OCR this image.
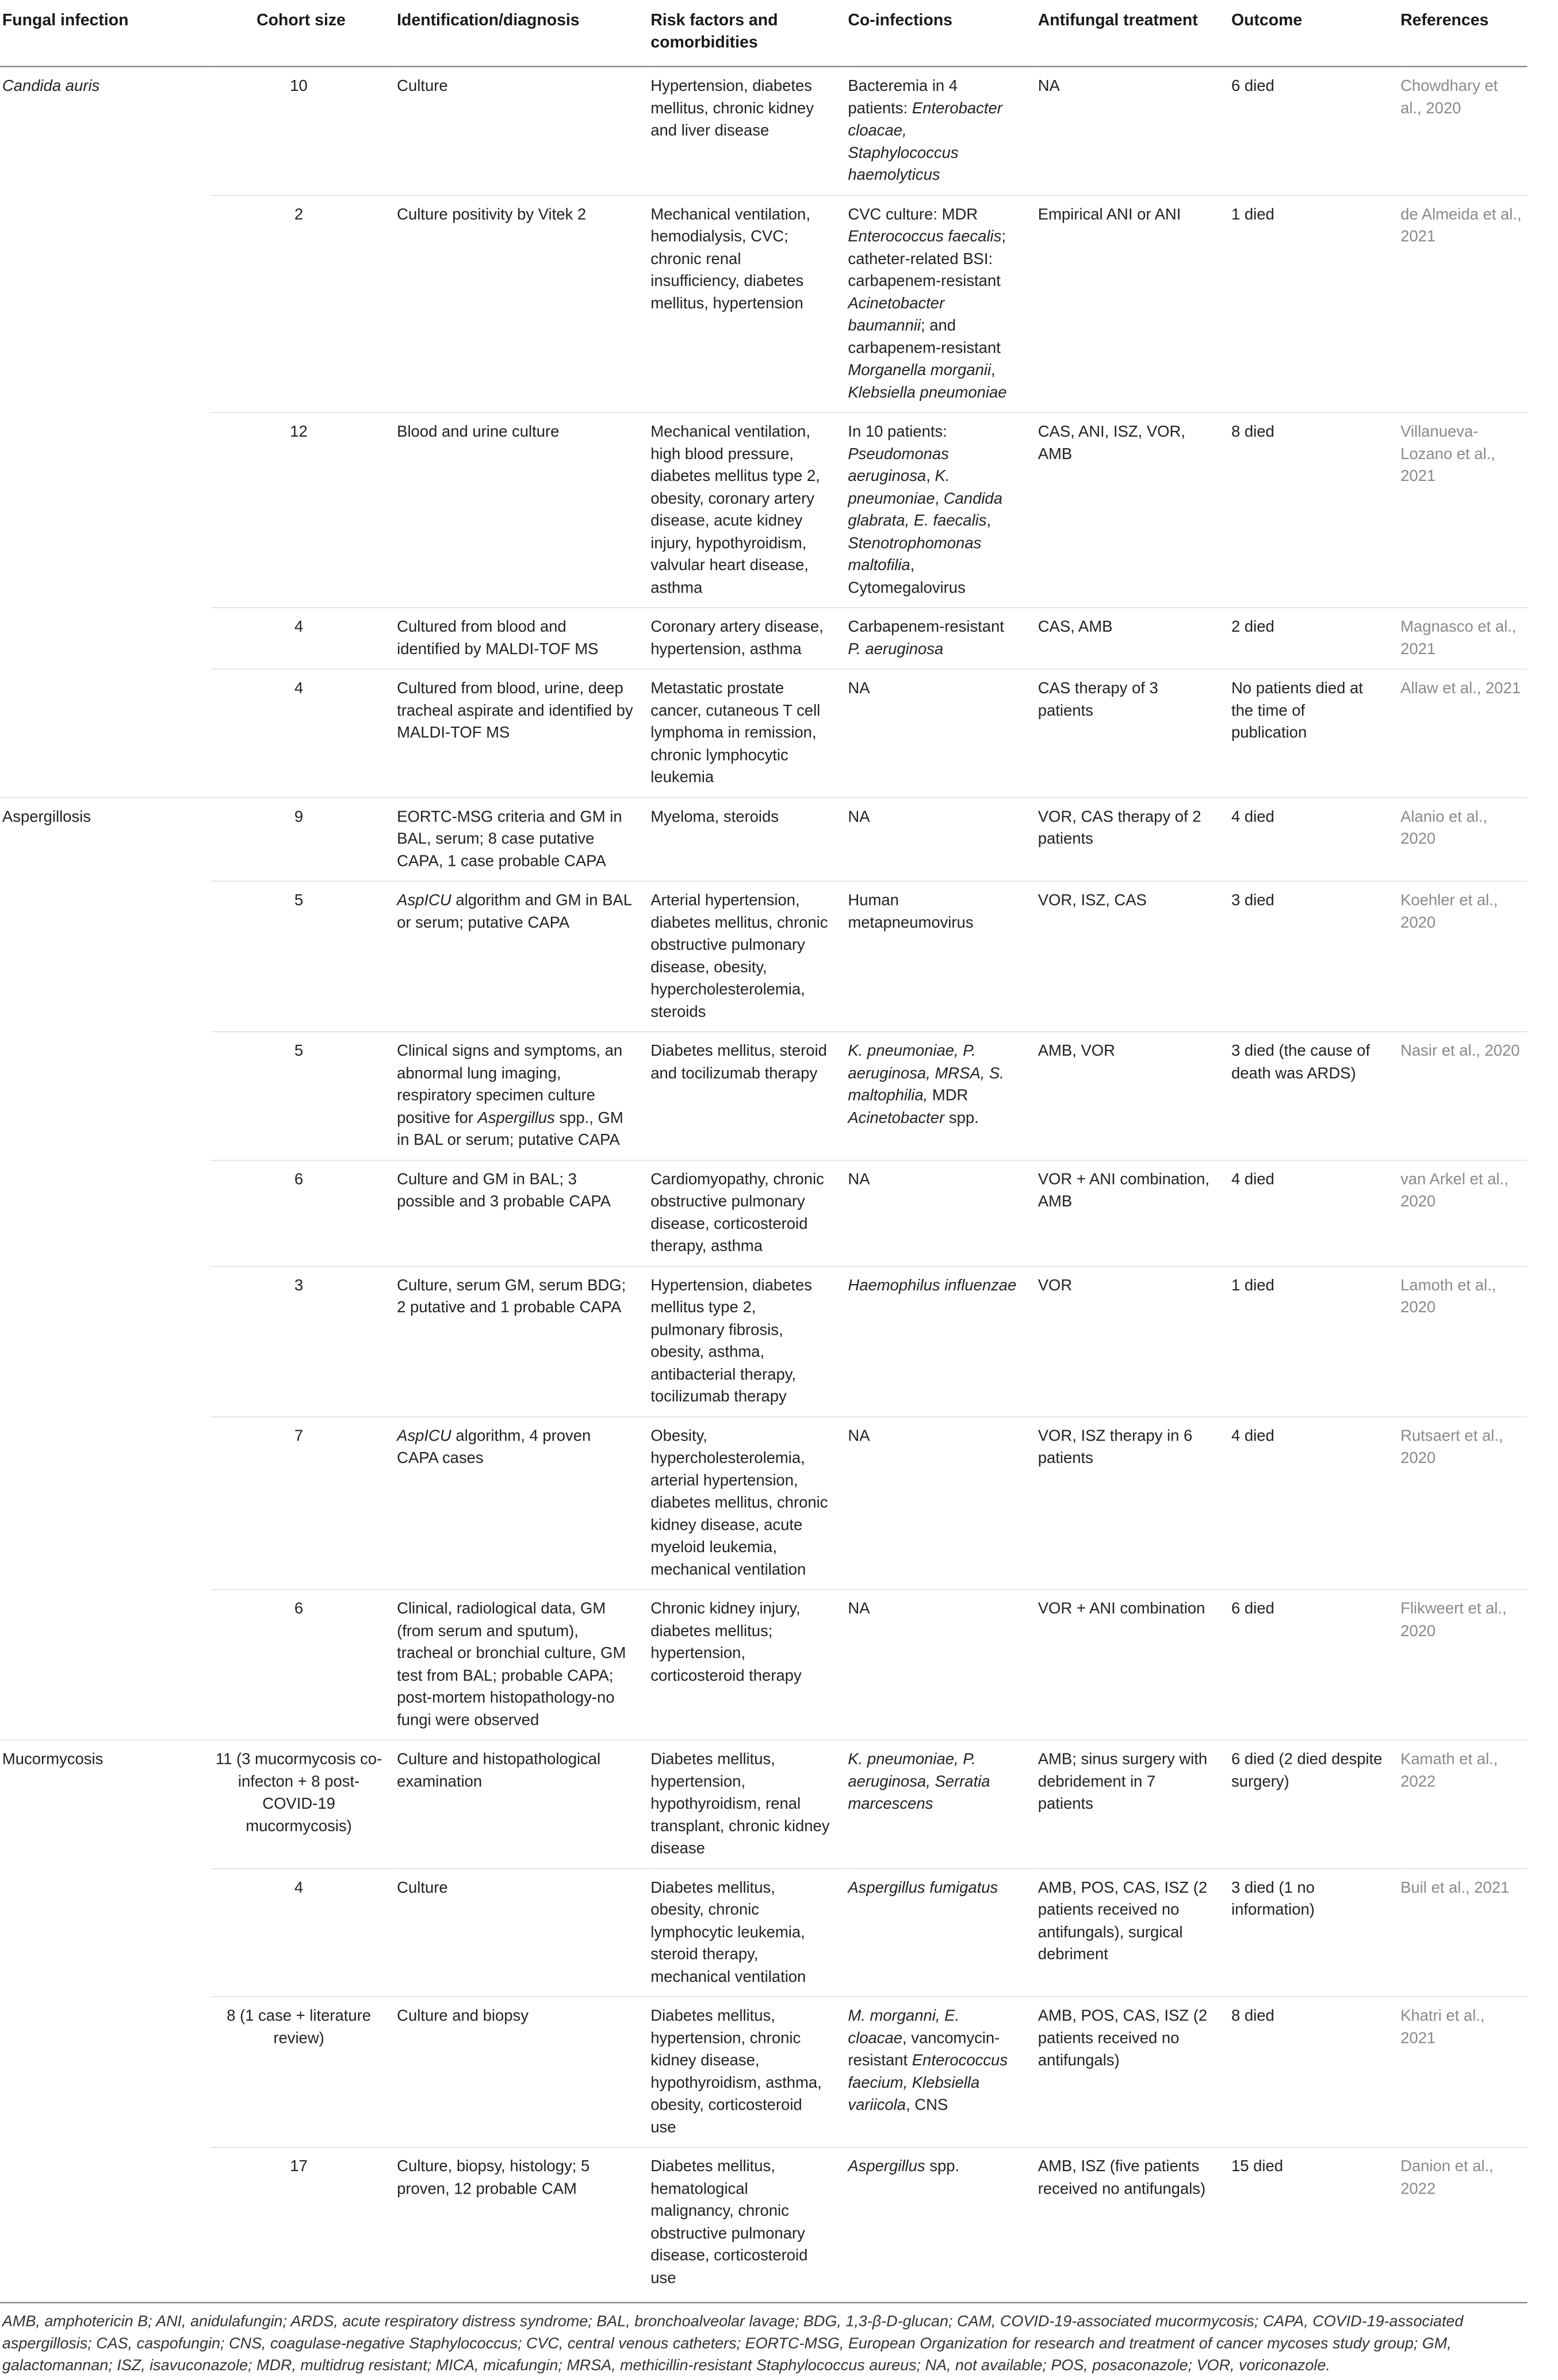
Fungal infection	Cohort size	Identification/diagnosis	Risk factors and comorbidities	Co-infections	Antifungal treatment	Outcome	References
Candida auris	10	Culture	Hypertension, diabetes mellitus, chronic kidney and liver disease	Bacteremia in 4 patients: Enterobacter cloacae, Staphylococcus haemolyticus	NA	6 died	Chowdhary et al., 2020
	2	Culture positivity by Vitek 2	Mechanical ventilation, hemodialysis, CVC; chronic renal insufficiency, diabetes mellitus, hypertension	CVC culture: MDR Enterococcus faecalis; catheter-related BSI: carbapenem-resistant Acinetobacter baumannii; and carbapenem-resistant Morganella morganii, Klebsiella pneumoniae	Empirical ANI or ANI	1 died	de Almeida et al., 2021
	12	Blood and urine culture	Mechanical ventilation, high blood pressure, diabetes mellitus type 2, obesity, coronary artery disease, acute kidney injury, hypothyroidism, valvular heart disease, asthma	In 10 patients: Pseudomonas aeruginosa, K. pneumoniae, Candida glabrata, E. faecalis, Stenotrophomonas maltofilia, Cytomegalovirus	CAS, ANI, ISZ, VOR, AMB	8 died	Villanueva-Lozano et al., 2021
	4	Cultured from blood and identified by MALDI-TOF MS	Coronary artery disease, hypertension, asthma	Carbapenem-resistant P. aeruginosa	CAS, AMB	2 died	Magnasco et al., 2021
	4	Cultured from blood, urine, deep tracheal aspirate and identified by MALDI-TOF MS	Metastatic prostate cancer, cutaneous T cell lymphoma in remission, chronic lymphocytic leukemia	NA	CAS therapy of 3 patients	No patients died at the time of publication	Allaw et al., 2021
Aspergillosis	9	EORTC-MSG criteria and GM in BAL, serum; 8 case putative CAPA, 1 case probable CAPA	Myeloma, steroids	NA	VOR, CAS therapy of 2 patients	4 died	Alanio et al., 2020
	5	AspICU algorithm and GM in BAL or serum; putative CAPA	Arterial hypertension, diabetes mellitus, chronic obstructive pulmonary disease, obesity, hypercholesterolemia, steroids	Human metapneumovirus	VOR, ISZ, CAS	3 died	Koehler et al., 2020
	5	Clinical signs and symptoms, an abnormal lung imaging, respiratory specimen culture positive for Aspergillus spp., GM in BAL or serum; putative CAPA	Diabetes mellitus, steroid and tocilizumab therapy	K. pneumoniae, P. aeruginosa, MRSA, S. maltophilia, MDR Acinetobacter spp.	AMB, VOR	3 died (the cause of death was ARDS)	Nasir et al., 2020
	6	Culture and GM in BAL; 3 possible and 3 probable CAPA	Cardiomyopathy, chronic obstructive pulmonary disease, corticosteroid therapy, asthma	NA	VOR + ANI combination, AMB	4 died	van Arkel et al., 2020
	3	Culture, serum GM, serum BDG; 2 putative and 1 probable CAPA	Hypertension, diabetes mellitus type 2, pulmonary fibrosis, obesity, asthma, antibacterial therapy, tocilizumab therapy	Haemophilus influenzae	VOR	1 died	Lamoth et al., 2020
	7	AspICU algorithm, 4 proven CAPA cases	Obesity, hypercholesterolemia, arterial hypertension, diabetes mellitus, chronic kidney disease, acute myeloid leukemia, mechanical ventilation	NA	VOR, ISZ therapy in 6 patients	4 died	Rutsaert et al., 2020
	6	Clinical, radiological data, GM (from serum and sputum), tracheal or bronchial culture, GM test from BAL; probable CAPA; post-mortem histopathology-no fungi were observed	Chronic kidney injury, diabetes mellitus; hypertension, corticosteroid therapy	NA	VOR + ANI combination	6 died	Flikweert et al., 2020
Mucormycosis	11 (3 mucormycosis co-infecton + 8 post-COVID-19 mucormycosis)	Culture and histopathological examination	Diabetes mellitus, hypertension, hypothyroidism, renal transplant, chronic kidney disease	K. pneumoniae, P. aeruginosa, Serratia marcescens	AMB; sinus surgery with debridement in 7 patients	6 died (2 died despite surgery)	Kamath et al., 2022
	4	Culture	Diabetes mellitus, obesity, chronic lymphocytic leukemia, steroid therapy, mechanical ventilation	Aspergillus fumigatus	AMB, POS, CAS, ISZ (2 patients received no antifungals), surgical debriment	3 died (1 no information)	Buil et al., 2021
	8 (1 case + literature review)	Culture and biopsy	Diabetes mellitus, hypertension, chronic kidney disease, hypothyroidism, asthma, obesity, corticosteroid use	M. morganni, E. cloacae, vancomycin-resistant Enterococcus faecium, Klebsiella variicola, CNS	AMB, POS, CAS, ISZ (2 patients received no antifungals)	8 died	Khatri et al., 2021
	17	Culture, biopsy, histology; 5 proven, 12 probable CAM	Diabetes mellitus, hematological malignancy, chronic obstructive pulmonary disease, corticosteroid use	Aspergillus spp.	AMB, ISZ (five patients received no antifungals)	15 died	Danion et al., 2022
AMB, amphotericin B; ANI, anidulafungin; ARDS, acute respiratory distress syndrome; BAL, bronchoalveolar lavage; BDG, 1,3-β-D-glucan; CAM, COVID-19-associated mucormycosis; CAPA, COVID-19-associated aspergillosis; CAS, caspofungin; CNS, coagulase-negative Staphylococcus; CVC, central venous catheters; EORTC-MSG, European Organization for research and treatment of cancer mycoses study group; GM, galactomannan; ISZ, isavuconazole; MDR, multidrug resistant; MICA, micafungin; MRSA, methicillin-resistant Staphylococcus aureus; NA, not available; POS, posaconazole; VOR, voriconazole.
